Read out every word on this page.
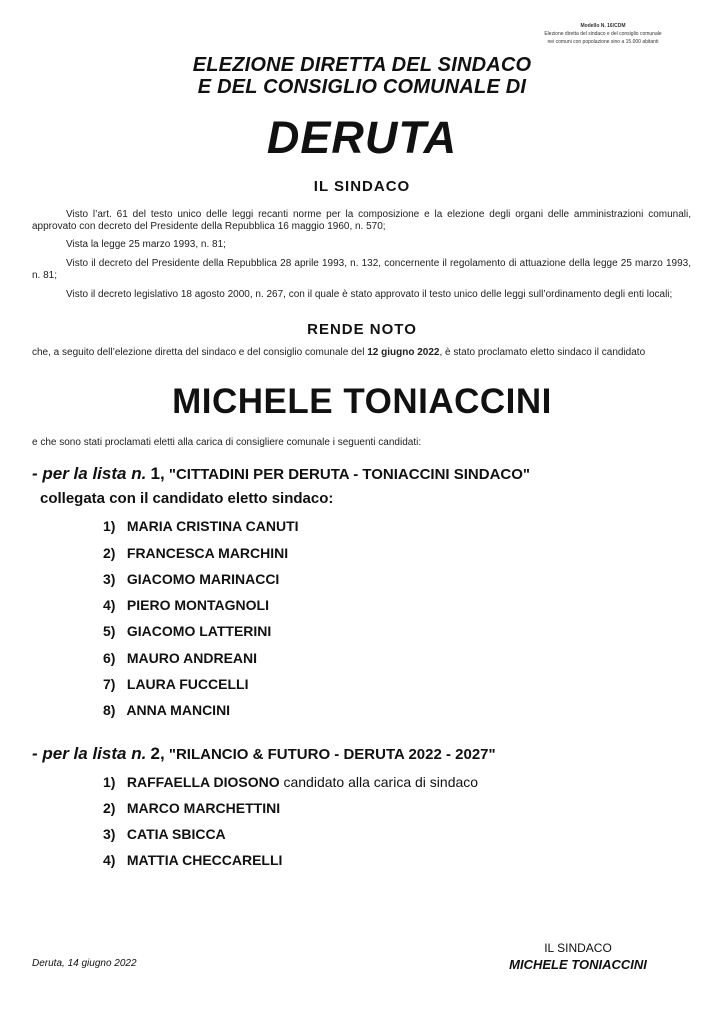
Modello N. 16/CDM
Elezione diretta del sindaco e del consiglio comunale
nei comuni con popolazione sino a 15.000 abitanti
ELEZIONE DIRETTA DEL SINDACO
E DEL CONSIGLIO COMUNALE DI
DERUTA
IL SINDACO
Visto l’art. 61 del testo unico delle leggi recanti norme per la composizione e la elezione degli organi delle amministrazioni comunali, approvato con decreto del Presidente della Repubblica 16 maggio 1960, n. 570;
Vista la legge 25 marzo 1993, n. 81;
Visto il decreto del Presidente della Repubblica 28 aprile 1993, n. 132, concernente il regolamento di attuazione della legge 25 marzo 1993, n. 81;
Visto il decreto legislativo 18 agosto 2000, n. 267, con il quale è stato approvato il testo unico delle leggi sull’ordinamento degli enti locali;
RENDE NOTO
che, a seguito dell’elezione diretta del sindaco e del consiglio comunale del 12 giugno 2022, è stato proclamato eletto sindaco il candidato
MICHELE TONIACCINI
e che sono stati proclamati eletti alla carica di consigliere comunale i seguenti candidati:
- per la lista n. 1, "CITTADINI PER DERUTA - TONIACCINI SINDACO"
collegata con il candidato eletto sindaco:
1) MARIA CRISTINA CANUTI
2) FRANCESCA MARCHINI
3) GIACOMO MARINACCI
4) PIERO MONTAGNOLI
5) GIACOMO LATTERINI
6) MAURO ANDREANI
7) LAURA FUCCELLI
8) ANNA MANCINI
- per la lista n. 2, "RILANCIO & FUTURO - DERUTA 2022 - 2027"
1) RAFFAELLA DIOSONO candidato alla carica di sindaco
2) MARCO MARCHETTINI
3) CATIA SBICCA
4) MATTIA CHECCARELLI
Deruta, 14 giugno 2022
IL SINDACO
MICHELE TONIACCINI
